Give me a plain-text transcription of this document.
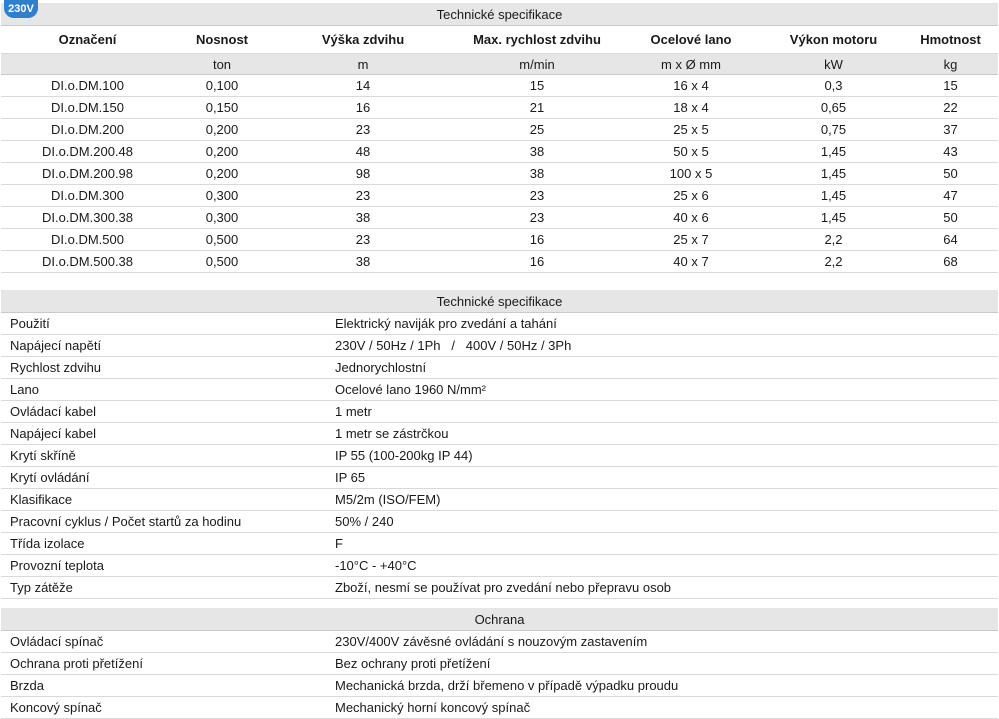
230V	Technické specifikace						
Označení	Nosnost	Výška zdvihu	Max. rychlost zdvihu	Ocelové lano	Výkon motoru	Hmotnost
	ton	m	m/min	m x Ø mm	kW	kg
DI.o.DM.100	0,100	14	15	16 x 4	0,3	15
DI.o.DM.150	0,150	16	21	18 x 4	0,65	22
DI.o.DM.200	0,200	23	25	25 x 5	0,75	37
DI.o.DM.200.48	0,200	48	38	50 x 5	1,45	43
DI.o.DM.200.98	0,200	98	38	100 x 5	1,45	50
DI.o.DM.300	0,300	23	23	25 x 6	1,45	47
DI.o.DM.300.38	0,300	38	23	40 x 6	1,45	50
DI.o.DM.500	0,500	23	16	25 x 7	2,2	64
DI.o.DM.500.38	0,500	38	16	40 x 7	2,2	68
Technické specifikace	
Použití	Elektrický naviják pro zvedání a tahání
Napájecí napětí	230V / 50Hz / 1Ph   /   400V / 50Hz / 3Ph
Rychlost zdvihu	Jednorychlostní
Lano	Ocelové lano 1960 N/mm²
Ovládací kabel	1 metr
Napájecí kabel	1 metr se zástrčkou
Krytí skříně	IP 55 (100-200kg IP 44)
Krytí ovládání	IP 65
Klasifikace	M5/2m (ISO/FEM)
Pracovní cyklus / Počet startů za hodinu	50% / 240
Třída izolace	F
Provozní teplota	-10°C - +40°C
Typ zátěže	Zboží, nesmí se používat pro zvedání nebo přepravu osob
Ochrana	
Ovládací spínač	230V/400V závěsné ovládání s nouzovým zastavením
Ochrana proti přetížení	Bez ochrany proti přetížení
Brzda	Mechanická brzda, drží břemeno v případě výpadku proudu
Koncový spínač	Mechanický horní koncový spínač
